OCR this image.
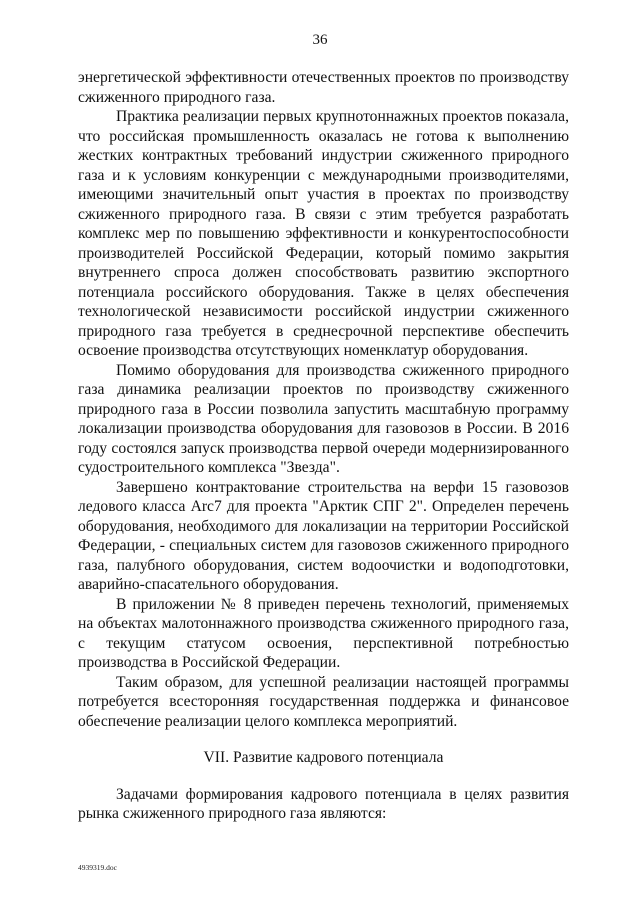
36

энергетической эффективности отечественных проектов по производству сжиженного природного газа.

Практика реализации первых крупнотоннажных проектов показала, что российская промышленность оказалась не готова к выполнению жестких контрактных требований индустрии сжиженного природного газа и к условиям конкуренции с международными производителями, имеющими значительный опыт участия в проектах по производству сжиженного природного газа. В связи с этим требуется разработать комплекс мер по повышению эффективности и конкурентоспособности производителей Российской Федерации, который помимо закрытия внутреннего спроса должен способствовать развитию экспортного потенциала российского оборудования. Также в целях обеспечения технологической независимости российской индустрии сжиженного природного газа требуется в среднесрочной перспективе обеспечить освоение производства отсутствующих номенклатур оборудования.

Помимо оборудования для производства сжиженного природного газа динамика реализации проектов по производству сжиженного природного газа в России позволила запустить масштабную программу локализации производства оборудования для газовозов в России. В 2016 году состоялся запуск производства первой очереди модернизированного судостроительного комплекса "Звезда".

Завершено контрактование строительства на верфи 15 газовозов ледового класса Arc7 для проекта "Арктик СПГ 2". Определен перечень оборудования, необходимого для локализации на территории Российской Федерации, - специальных систем для газовозов сжиженного природного газа, палубного оборудования, систем водоочистки и водоподготовки, аварийно-спасательного оборудования.

В приложении № 8 приведен перечень технологий, применяемых на объектах малотоннажного производства сжиженного природного газа, с текущим статусом освоения, перспективной потребностью производства в Российской Федерации.

Таким образом, для успешной реализации настоящей программы потребуется всесторонняя государственная поддержка и финансовое обеспечение реализации целого комплекса мероприятий.

VII. Развитие кадрового потенциала

Задачами формирования кадрового потенциала в целях развития рынка сжиженного природного газа являются:

4939319.doc
